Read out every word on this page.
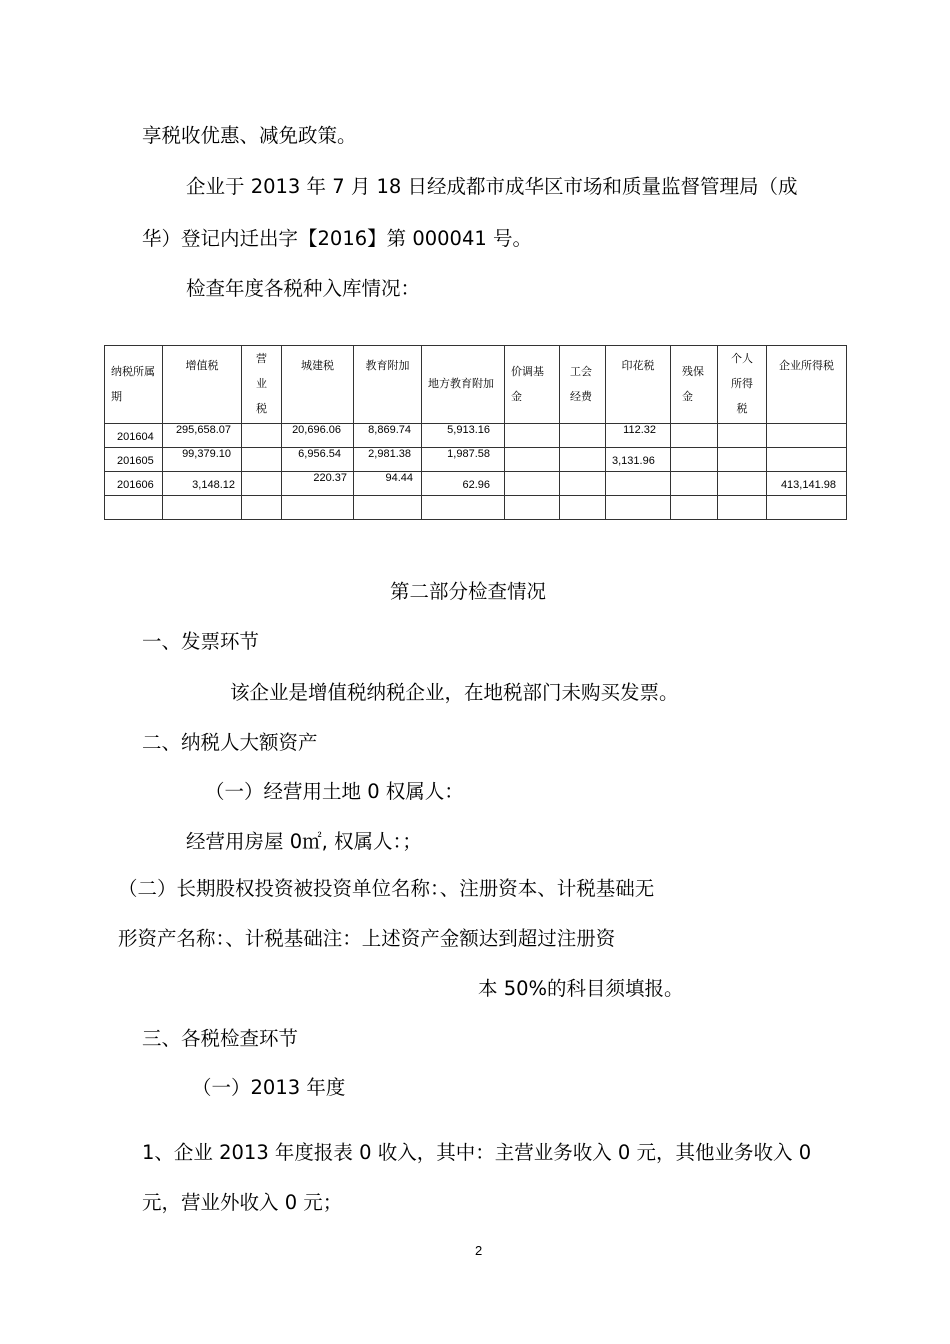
享税收优惠、减免政策。
企业于 2013 年 7 月 18 日经成都市成华区市场和质量监督管理局（成
华）登记内迁出字【2016】第 000041 号。
检查年度各税种入库情况：
纳税所属期	增值税	营业税	城建税	教育附加	地方教育附加	价调基金	工会经费	印花税	残保金	个人所得税	企业所得税

201604	295,658.07		20,696.06	8,869.74	5,913.16			112.32			

201605	99,379.10		6,956.54	2,981.38	1,987.58			3,131.96			
201606	3,148.12		220.37	94.44	62.96						413,141.98

第二部分检查情况
一、发票环节
该企业是增值税纳税企业，在地税部门未购买发票。
二、纳税人大额资产
（一）经营用土地 0 权属人：
经营用房屋 0㎡, 权属人：；
（二）长期股权投资被投资单位名称：、注册资本、计税基础无
形资产名称：、计税基础注：上述资产金额达到超过注册资
本 50%的科目须填报。
三、各税检查环节
（一）2013 年度
1、企业 2013 年度报表 0 收入，其中：主营业务收入 0 元，其他业务收入 0
元，营业外收入 0 元；
2
